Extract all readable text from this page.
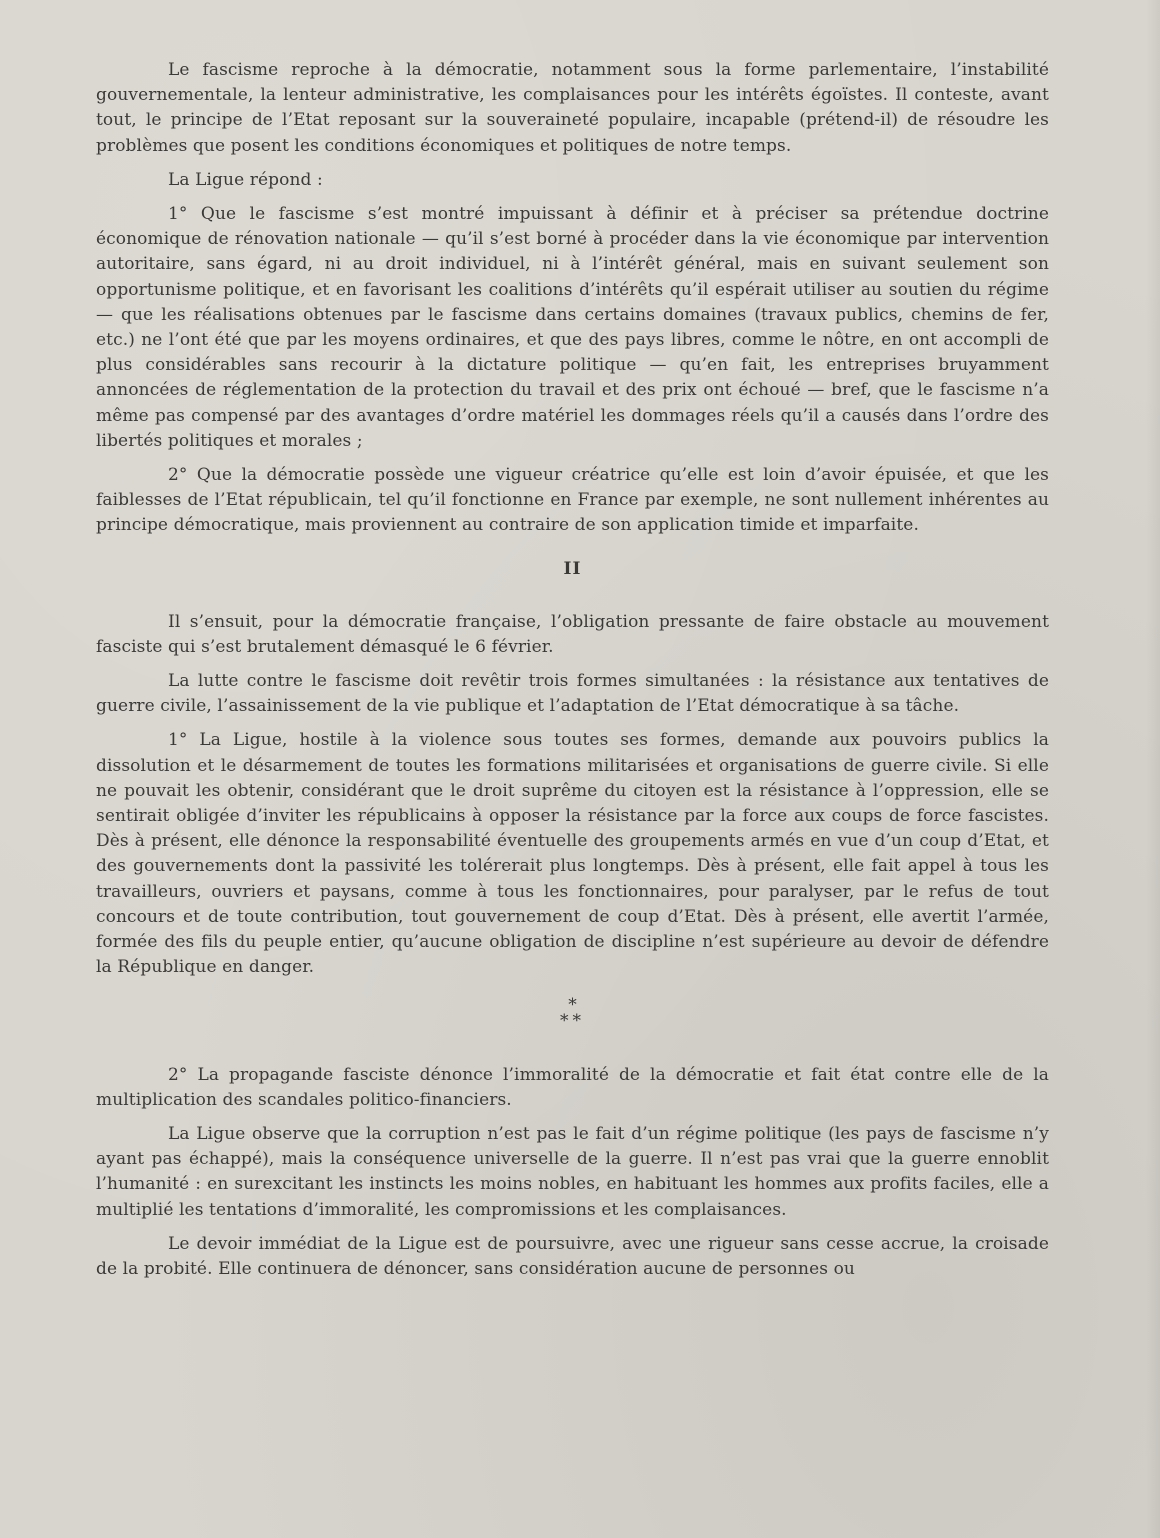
Le fascisme reproche à la démocratie, notamment sous la forme parlementaire, l’instabilité gouvernementale, la lenteur administrative, les complaisances pour les intérêts égoïstes. Il conteste, avant tout, le principe de l’Etat reposant sur la souveraineté populaire, incapable (prétend-il) de résoudre les problèmes que posent les conditions économiques et politiques de notre temps.

La Ligue répond :

1° Que le fascisme s’est montré impuissant à définir et à préciser sa prétendue doctrine économique de rénovation nationale — qu’il s’est borné à procéder dans la vie économique par intervention autoritaire, sans égard, ni au droit individuel, ni à l’intérêt général, mais en suivant seulement son opportunisme politique, et en favorisant les coalitions d’intérêts qu’il espérait utiliser au soutien du régime — que les réalisations obtenues par le fascisme dans certains domaines (travaux publics, chemins de fer, etc.) ne l’ont été que par les moyens ordinaires, et que des pays libres, comme le nôtre, en ont accompli de plus considérables sans recourir à la dictature politique — qu’en fait, les entreprises bruyamment annoncées de réglementation de la protection du travail et des prix ont échoué — bref, que le fascisme n’a même pas compensé par des avantages d’ordre matériel les dommages réels qu’il a causés dans l’ordre des libertés politiques et morales ;

2° Que la démocratie possède une vigueur créatrice qu’elle est loin d’avoir épuisée, et que les faiblesses de l’Etat républicain, tel qu’il fonctionne en France par exemple, ne sont nullement inhérentes au principe démocratique, mais proviennent au contraire de son application timide et imparfaite.

II

Il s’ensuit, pour la démocratie française, l’obligation pressante de faire obstacle au mouvement fasciste qui s’est brutalement démasqué le 6 février.

La lutte contre le fascisme doit revêtir trois formes simultanées : la résistance aux tentatives de guerre civile, l’assainissement de la vie publique et l’adaptation de l’Etat démocratique à sa tâche.

1° La Ligue, hostile à la violence sous toutes ses formes, demande aux pouvoirs publics la dissolution et le désarmement de toutes les formations militarisées et organisations de guerre civile. Si elle ne pouvait les obtenir, considérant que le droit suprême du citoyen est la résistance à l’oppression, elle se sentirait obligée d’inviter les républicains à opposer la résistance par la force aux coups de force fascistes. Dès à présent, elle dénonce la responsabilité éventuelle des groupements armés en vue d’un coup d’Etat, et des gouvernements dont la passivité les tolérerait plus longtemps. Dès à présent, elle fait appel à tous les travailleurs, ouvriers et paysans, comme à tous les fonctionnaires, pour paralyser, par le refus de tout concours et de toute contribution, tout gouvernement de coup d’Etat. Dès à présent, elle avertit l’armée, formée des fils du peuple entier, qu’aucune obligation de discipline n’est supérieure au devoir de défendre la République en danger.

*
**

2° La propagande fasciste dénonce l’immoralité de la démocratie et fait état contre elle de la multiplication des scandales politico-financiers.

La Ligue observe que la corruption n’est pas le fait d’un régime politique (les pays de fascisme n’y ayant pas échappé), mais la conséquence universelle de la guerre. Il n’est pas vrai que la guerre ennoblit l’humanité : en surexcitant les instincts les moins nobles, en habituant les hommes aux profits faciles, elle a multiplié les tentations d’immoralité, les compromissions et les complaisances.

Le devoir immédiat de la Ligue est de poursuivre, avec une rigueur sans cesse accrue, la croisade de la probité. Elle continuera de dénoncer, sans considération aucune de personnes ou
